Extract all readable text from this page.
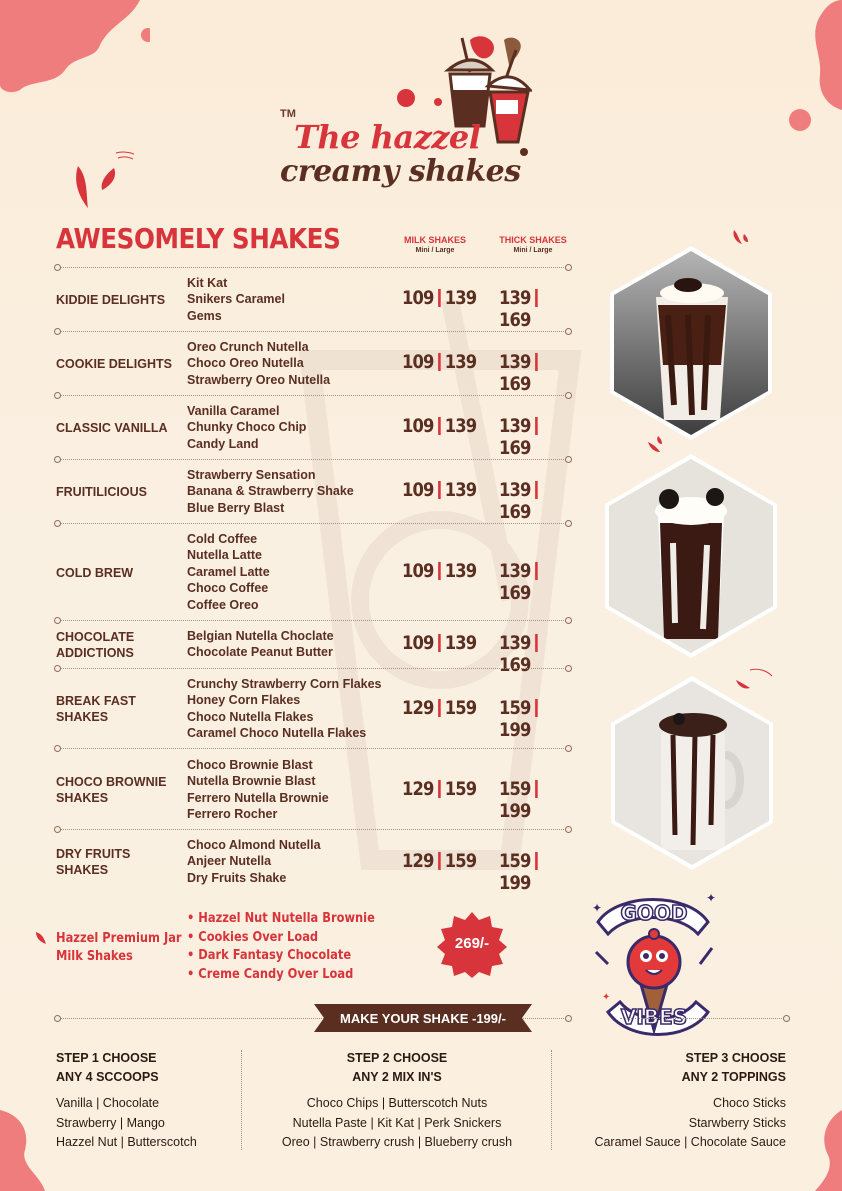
TM
The hazzel
creamy shakes
AWESOMELY SHAKES	MILK SHAKES
Mini / Large
THICK SHAKES
Mini / Large
KIDDIE DELIGHTS
Kit Kat
Snikers Caramel
Gems
109 139 139169
COOKIE DELIGHTS
Oreo Crunch Nutella
Choco Oreo Nutella
Strawberry Oreo Nutella
109 139 139169
CLASSIC VANILLA
Vanilla Caramel
Chunky Choco Chip
Candy Land
109 139 139169
FRUITILICIOUS
Strawberry Sensation
Banana & Strawberry Shake
Blue Berry Blast
109 139 139169
COLD BREW
Cold Coffee
Nutella Latte
Caramel Latte
Choco Coffee
Coffee Oreo
109 139 139169
CHOCOLATE ADDICTIONS
Belgian Nutella Choclate
Chocolate Peanut Butter	109 139 139169
BREAK FAST SHAKES
Crunchy Strawberry Corn Flakes
Honey Corn Flakes
Choco Nutella Flakes
Caramel Choco Nutella Flakes
129 159 159199
CHOCO BROWNIE SHAKES
Choco Brownie Blast
Nutella Brownie Blast
Ferrero Nutella Brownie
Ferrero Rocher
129 159 159199
DRY FRUITS SHAKES
Choco Almond Nutella
Anjeer Nutella
Dry Fruits Shake
129 159 159199
Hazzel Premium Jar Milk Shakes
• Hazzel Nut Nutella Brownie
• Cookies Over Load
• Dark Fantasy Chocolate
• Creme Candy Over Load
269/-
GOOD
VIBES
✦
✦
✦
MAKE YOUR SHAKE -199/-
STEP 1 CHOOSE
ANY 4 SCCOOPS
Vanilla | Chocolate
Strawberry | Mango
Hazzel Nut | Butterscotch
STEP 2 CHOOSE
ANY 2 MIX IN'S
Choco Chips | Butterscotch Nuts
Nutella Paste | Kit Kat | Perk Snickers
Oreo | Strawberry crush | Blueberry crush
STEP 3 CHOOSE
ANY 2 TOPPINGS
Choco Sticks
Starwberry Sticks
Caramel Sauce | Chocolate Sauce
